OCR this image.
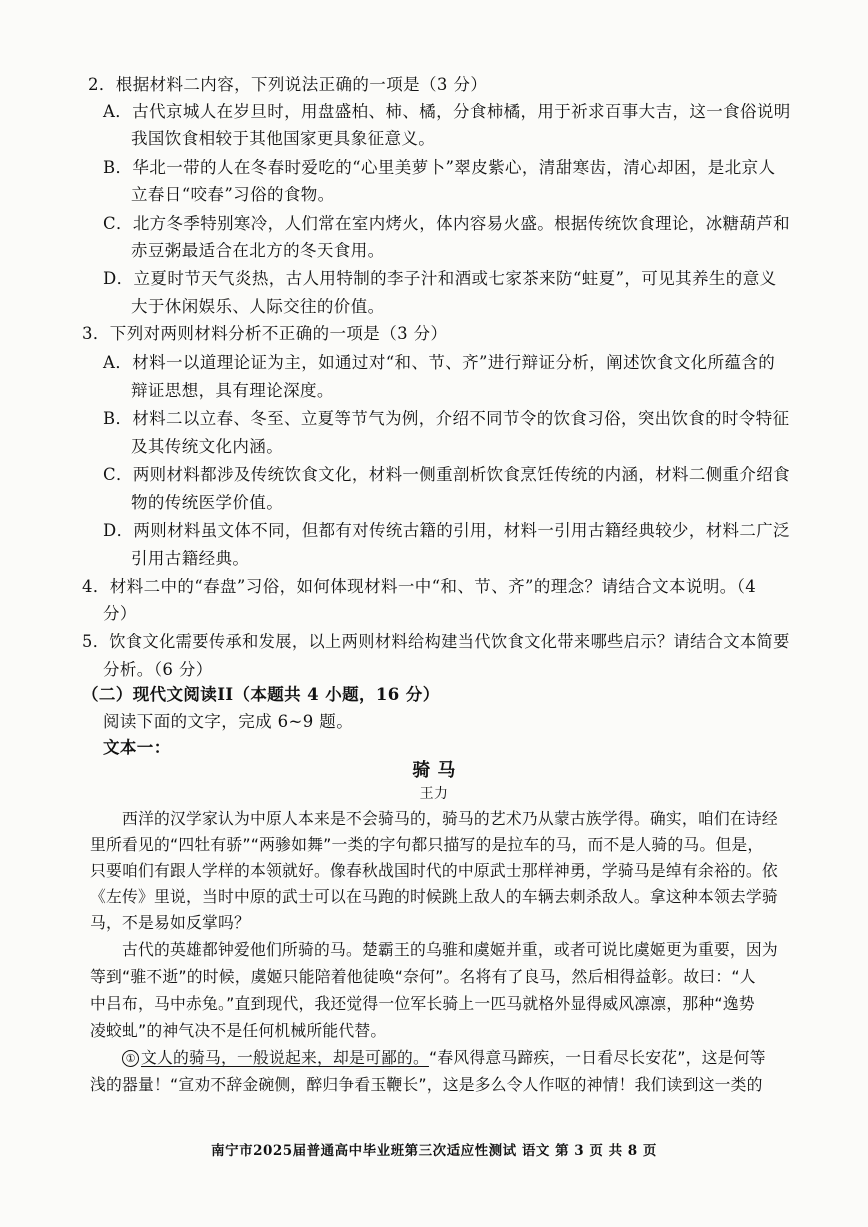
2．根据材料二内容，下列说法正确的一项是（3 分）
A．古代京城人在岁旦时，用盘盛柏、柿、橘，分食柿橘，用于祈求百事大吉，这一食俗说明
我国饮食相较于其他国家更具象征意义。
B．华北一带的人在冬春时爱吃的“心里美萝卜”翠皮紫心，清甜寒齿，清心却困，是北京人
立春日“咬春”习俗的食物。
C．北方冬季特别寒冷，人们常在室内烤火，体内容易火盛。根据传统饮食理论，冰糖葫芦和
赤豆粥最适合在北方的冬天食用。
D．立夏时节天气炎热，古人用特制的李子汁和酒或七家茶来防“蛀夏”，可见其养生的意义
大于休闲娱乐、人际交往的价值。
3．下列对两则材料分析不正确的一项是（3 分）
A．材料一以道理论证为主，如通过对“和、节、齐”进行辩证分析，阐述饮食文化所蕴含的
辩证思想，具有理论深度。
B．材料二以立春、冬至、立夏等节气为例，介绍不同节令的饮食习俗，突出饮食的时令特征
及其传统文化内涵。
C．两则材料都涉及传统饮食文化，材料一侧重剖析饮食烹饪传统的内涵，材料二侧重介绍食
物的传统医学价值。
D．两则材料虽文体不同，但都有对传统古籍的引用，材料一引用古籍经典较少，材料二广泛
引用古籍经典。
4．材料二中的“春盘”习俗，如何体现材料一中“和、节、齐”的理念？请结合文本说明。（4
分）
5．饮食文化需要传承和发展，以上两则材料给构建当代饮食文化带来哪些启示？请结合文本简要
分析。（6 分）
（二）现代文阅读II（本题共 4 小题，16 分）
阅读下面的文字，完成 6~9 题。
文本一：
骑 马
王力
西洋的汉学家认为中原人本来是不会骑马的，骑马的艺术乃从蒙古族学得。确实，咱们在诗经
里所看见的“四牡有骄”“两骖如舞”一类的字句都只描写的是拉车的马，而不是人骑的马。但是，
只要咱们有跟人学样的本领就好。像春秋战国时代的中原武士那样神勇，学骑马是绰有余裕的。依
《左传》里说，当时中原的武士可以在马跑的时候跳上敌人的车辆去刺杀敌人。拿这种本领去学骑
马，不是易如反掌吗？
古代的英雄都钟爱他们所骑的马。楚霸王的乌骓和虞姬并重，或者可说比虞姬更为重要，因为
等到“骓不逝”的时候，虞姬只能陪着他徒唤“奈何”。名将有了良马，然后相得益彰。故曰：“人
中吕布，马中赤兔。”直到现代，我还觉得一位军长骑上一匹马就格外显得威风凛凛，那种“逸势
凌蛟虬”的神气决不是任何机械所能代替。
① 文人的骑马，一般说起来，却是可鄙的。“春风得意马蹄疾，一日看尽长安花”，这是何等
浅的器量！“宣劝不辞金碗侧，醉归争看玉鞭长”，这是多么令人作呕的神情！我们读到这一类的
南宁市2025届普通高中毕业班第三次适应性测试 语文 第 3 页 共 8 页
